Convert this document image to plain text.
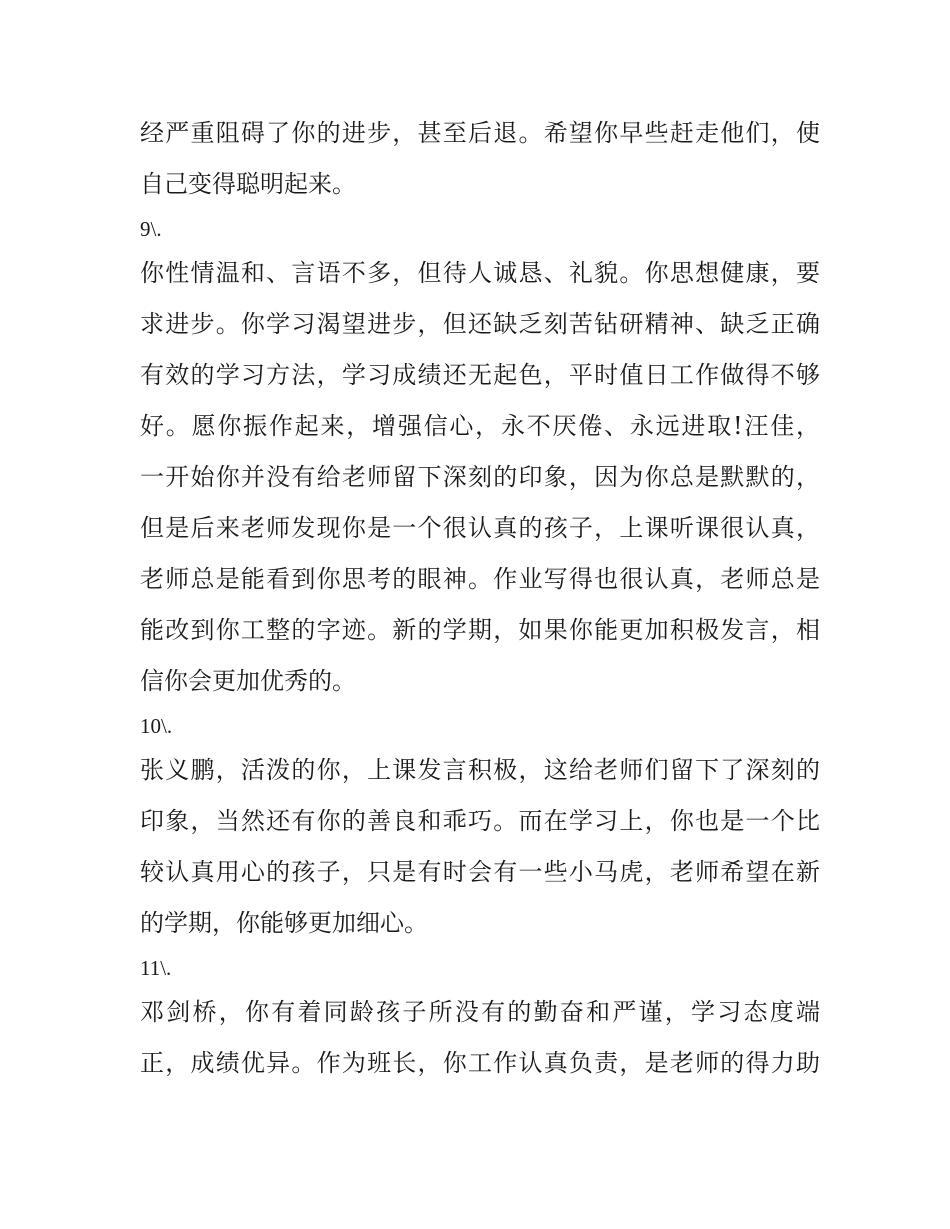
经严重阻碍了你的进步，甚至后退。希望你早些赶走他们，使
自己变得聪明起来。
9\.
你性情温和、言语不多，但待人诚恳、礼貌。你思想健康，要
求进步。你学习渴望进步，但还缺乏刻苦钻研精神、缺乏正确
有效的学习方法，学习成绩还无起色，平时值日工作做得不够
好。愿你振作起来，增强信心，永不厌倦、永远进取!汪佳，
一开始你并没有给老师留下深刻的印象，因为你总是默默的，
但是后来老师发现你是一个很认真的孩子，上课听课很认真，
老师总是能看到你思考的眼神。作业写得也很认真，老师总是
能改到你工整的字迹。新的学期，如果你能更加积极发言，相
信你会更加优秀的。
10\.
张义鹏，活泼的你，上课发言积极，这给老师们留下了深刻的
印象，当然还有你的善良和乖巧。而在学习上，你也是一个比
较认真用心的孩子，只是有时会有一些小马虎，老师希望在新
的学期，你能够更加细心。
11\.
邓剑桥，你有着同龄孩子所没有的勤奋和严谨，学习态度端
正，成绩优异。作为班长，你工作认真负责，是老师的得力助
